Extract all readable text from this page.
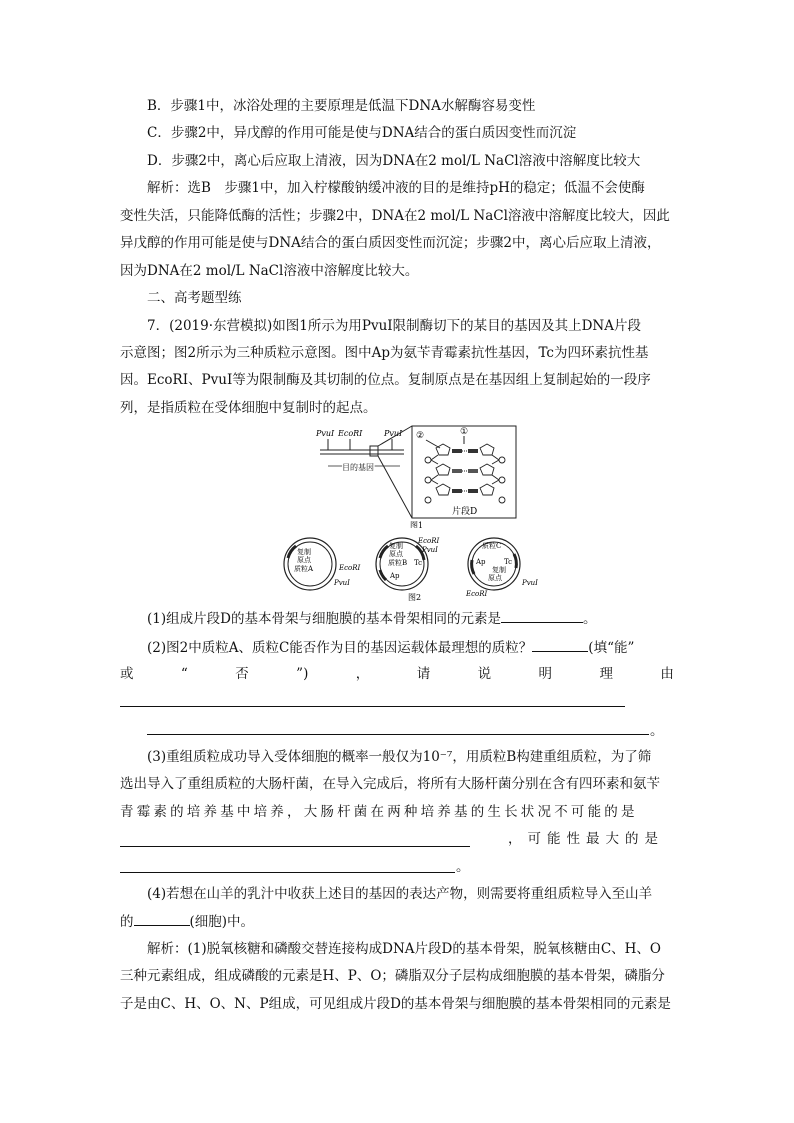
B．步骤1中，冰浴处理的主要原理是低温下DNA水解酶容易变性
C．步骤2中，异戊醇的作用可能是使与DNA结合的蛋白质因变性而沉淀
D．步骤2中，离心后应取上清液，因为DNA在2 mol/L NaCl溶液中溶解度比较大
解析：选B　步骤1中，加入柠檬酸钠缓冲液的目的是维持pH的稳定；低温不会使酶
变性失活，只能降低酶的活性；步骤2中，DNA在2 mol/L NaCl溶液中溶解度比较大，因此
异戊醇的作用可能是使与DNA结合的蛋白质因变性而沉淀；步骤2中，离心后应取上清液，
因为DNA在2 mol/L NaCl溶液中溶解度比较大。
二、高考题型练
7．(2019·东营模拟)如图1所示为用PvuⅠ限制酶切下的某目的基因及其上DNA片段
示意图；图2所示为三种质粒示意图。图中Ap为氨苄青霉素抗性基因，Tc为四环素抗性基
因。EcoRⅠ、PvuⅠ等为限制酶及其切制的位点。复制原点是在基因组上复制起始的一段序
列，是指质粒在受体细胞中复制时的起点。
PvuⅠ EcoRⅠ	PvuⅠ
目的基因
②	①
片段D
图1
复制
原点
质粒A	EcoRⅠ
PvuⅠ
复制
原点
质粒B Tc
Ap
EcoRⅠ
PvuⅠ	质粒C
Ap	Tc
复制
原点
PvuⅠ
EcoRⅠ
图2
(1)组成片段D的基本骨架与细胞膜的基本骨架相同的元素是	。
(2)图2中质粒A、质粒C能否作为目的基因运载体最理想的质粒？	(填“能”
或	“	否	”)	，	请	说	明	理	由
。
(3)重组质粒成功导入受体细胞的概率一般仅为10⁻⁷，用质粒B构建重组质粒，为了筛
选出导入了重组质粒的大肠杆菌，在导入完成后，将所有大肠杆菌分别在含有四环素和氨苄
青霉素的培养基中培养，大肠杆菌在两种培养基的生长状况不可能的是
，可能性最大的是
。
(4)若想在山羊的乳汁中收获上述目的基因的表达产物，则需要将重组质粒导入至山羊
的	(细胞)中。
解析：(1)脱氧核糖和磷酸交替连接构成DNA片段D的基本骨架，脱氧核糖由C、H、O
三种元素组成，组成磷酸的元素是H、P、O；磷脂双分子层构成细胞膜的基本骨架，磷脂分
子是由C、H、O、N、P组成，可见组成片段D的基本骨架与细胞膜的基本骨架相同的元素是
